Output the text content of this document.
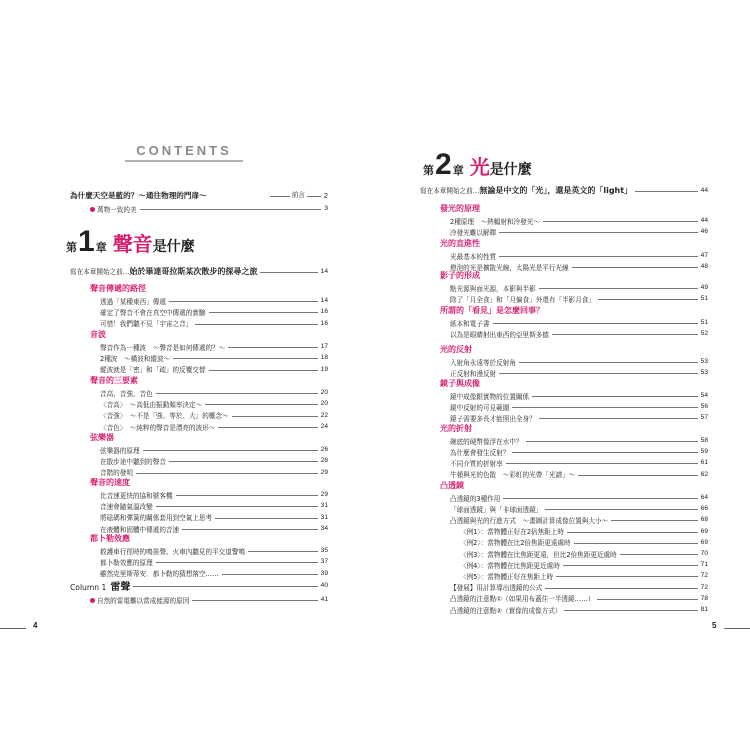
CONTENTS
為什麼天空是藍的？～通往物理的門扉～	前言 2
萬物一致的美	3
第 1 章 聲音 是什麼
寫在本章開始之前…始於畢達哥拉斯某次散步的探尋之旅	14
聲音傳遞的路徑
透過「某種東西」傳遞	14
確定了聲音不會在真空中傳遞的實驗	16
可惜！我們聽不見「宇宙之音」	16
音波
聲音作為一種波　～聲音是如何傳遞的？～	17
2種波　～橫波和縱波～	18
縱波就是「密」和「疏」的反覆交替	19
聲音的三要素
音高、音強、音色	20
〈音高〉　～高低由振動頻率決定～	20
〈音強〉　～不是「強、等於、大」的概念～	22
〈音色〉　～純粹的聲音是漂亮的波形～	24
弦樂器
弦樂器的原理	26
在散步途中聽到的聲音	28
音階的發明	29
聲音的速度
比音速更快的協和號客機	29
音速會隨氣溫改變	31
將砝碼和彈簧的關係套用到空氣上思考	31
在液體和固體中傳遞的音速	34
都卜勒效應
救護車行徑時的鳴笛聲、火車內聽見的平交道警鳴	35
都卜勒效應的原理	37
雖然克里斯蒂安．都卜勒的猜想落空……	39
Column 1 雷聲	40
自然的雷電難以當成能源的原因	41
第 2 章 光 是什麼
寫在本章開始之前…無論是中文的「光」，還是英文的「light」	44
發光的原理
2種原理　～熱輻射和冷發光～	44
冷發光難以解釋	46
光的直進性
光最基本的性質	47
燈泡的光是擴散光線，太陽光是平行光線	48
影子的形成
點光源與面光源，本影與半影	49
除了「月全食」和「月偏食」外還有「半影月食」	51
所謂的「看見」是怎麼回事？
紙本和電子書	51
以為是眼睛射出東西的亞里斯多德	52
光的反射
入射角永遠等於反射角	53
正反射和漫反射	53
鏡子與成像
鏡中成像跟實物的位置關係	54
鏡中反射的可見範圍	56
鏡子需要多長才能照出全身？	57
光的折射
碗底的硬幣像浮在水中？	58
為什麼會發生反射？	59
不同介質的折射率	61
牛頓與光的色散　～彩虹的光帶「光譜」～	62
凸透鏡
凸透鏡的3種作用	64
「球面透鏡」與「非球面透鏡」	66
凸透鏡與光的行進方式　～畫圖計算成像位置與大小～	68
〈例1〉：當物體正好在2倍焦距上時	69
〈例2〉：當物體在比2倍焦距更遠處時	69
〈例3〉：當物體在比焦距更遠，但比2倍焦距更近處時	70
〈例4〉：當物體在比焦距更近處時	71
〈例5〉：當物體正好在焦距上時	72
【發展】用計算導出透鏡的公式	72
凸透鏡的注意點①（如果用布蓋住一半透鏡……）	78
凸透鏡的注意點②（實像的成像方式）	81
4	5
